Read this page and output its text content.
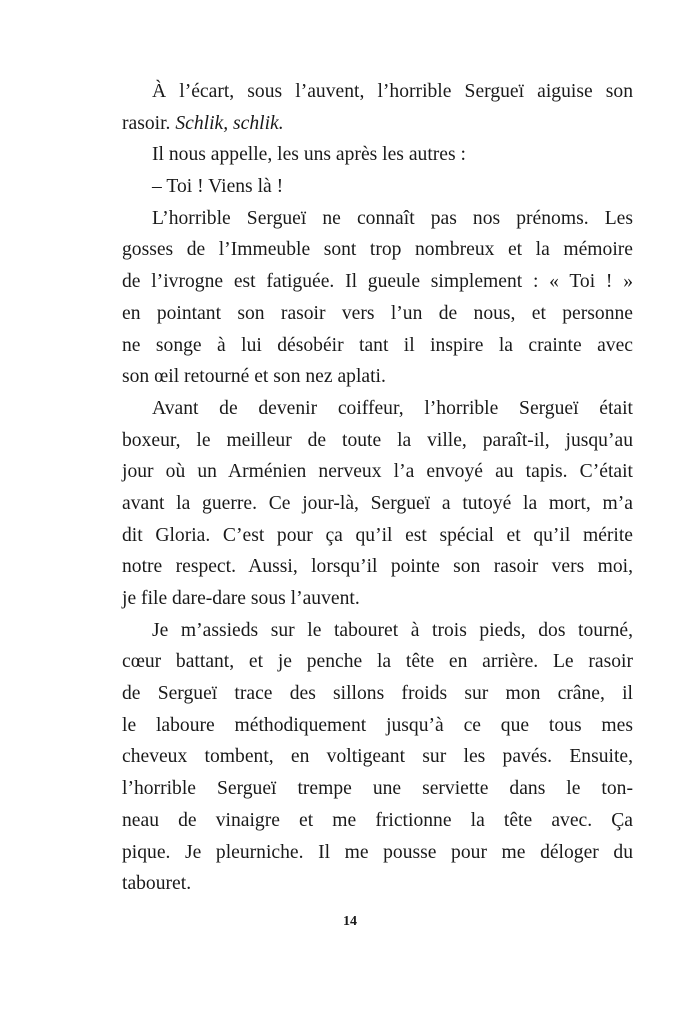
À l’écart, sous l’auvent, l’horrible Sergueï aiguise son
rasoir. Schlik, schlik.
Il nous appelle, les uns après les autres :
– Toi ! Viens là !
L’horrible Sergueï ne connaît pas nos prénoms. Les
gosses de l’Immeuble sont trop nombreux et la mémoire
de l’ivrogne est fatiguée. Il gueule simplement : « Toi ! »
en pointant son rasoir vers l’un de nous, et personne
ne songe à lui désobéir tant il inspire la crainte avec
son œil retourné et son nez aplati.
Avant de devenir coiffeur, l’horrible Sergueï était
boxeur, le meilleur de toute la ville, paraît-il, jusqu’au
jour où un Arménien nerveux l’a envoyé au tapis. C’était
avant la guerre. Ce jour-là, Sergueï a tutoyé la mort, m’a
dit Gloria. C’est pour ça qu’il est spécial et qu’il mérite
notre respect. Aussi, lorsqu’il pointe son rasoir vers moi,
je file dare-dare sous l’auvent.
Je m’assieds sur le tabouret à trois pieds, dos tourné,
cœur battant, et je penche la tête en arrière. Le rasoir
de Sergueï trace des sillons froids sur mon crâne, il
le laboure méthodiquement jusqu’à ce que tous mes
cheveux tombent, en voltigeant sur les pavés. Ensuite,
l’horrible Sergueï trempe une serviette dans le ton-
neau de vinaigre et me frictionne la tête avec. Ça
pique. Je pleurniche. Il me pousse pour me déloger du
tabouret.
14
